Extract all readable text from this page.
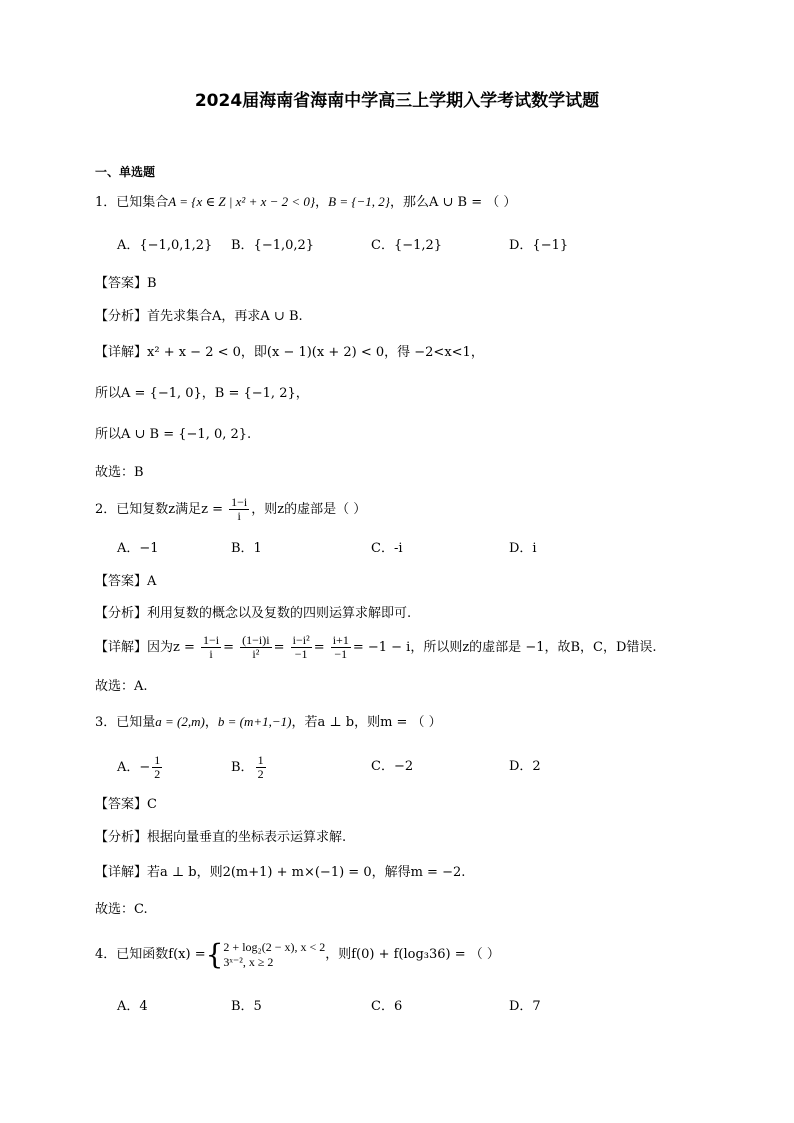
2024届海南省海南中学高三上学期入学考试数学试题
一、单选题
1．已知集合A = {x ∈ Z | x² + x − 2 < 0}，B = {−1, 2}，那么A ∪ B = （ ）
A．{−1,0,1,2} B．{−1,0,2}	C．{−1,2}	D．{−1}
【答案】B
【分析】首先求集合A，再求A ∪ B.
【详解】x² + x − 2 < 0，即(x − 1)(x + 2) < 0，得 −2<x<1，
所以A = {−1, 0}，B = {−1, 2}，
所以A ∪ B = {−1, 0, 2}.
故选：B
2．已知复数z满足$z = \frac{1-i}{i}$ ，则z的虚部是（ ）
A．−1	B．1	C．-i	D．i
【答案】A
【分析】利用复数的概念以及复数的四则运算求解即可.
【详解】因为$z = \frac{1-i}{i} = \frac{(1-i)i}{\text{i²}} = \frac{\text{i−i²}}{-1} = \frac{i+1}{-1} = -1 - i$，所以则z的虚部是 −1，故B，C，D错误.
故选：A.
3．已知量a = (2,m)，b = (m+1,−1)，若a ⊥ b，则m = （ ）
A．− $\frac{1}{2}$	B． $\frac{1}{2}$	C．−2	D．2
【答案】C
【分析】根据向量垂直的坐标表示运算求解.
【详解】若a ⊥ b，则2(m+1) + m×(−1) = 0，解得m = −2.
故选：C.
4．已知函数f(x) ={ 2 + log₂(2 − x), x < 2
3ˣ⁻², x ≥ 2	，则f(0) + f(log₃36) = （ ）
A．4	B．5	C．6	D．7
